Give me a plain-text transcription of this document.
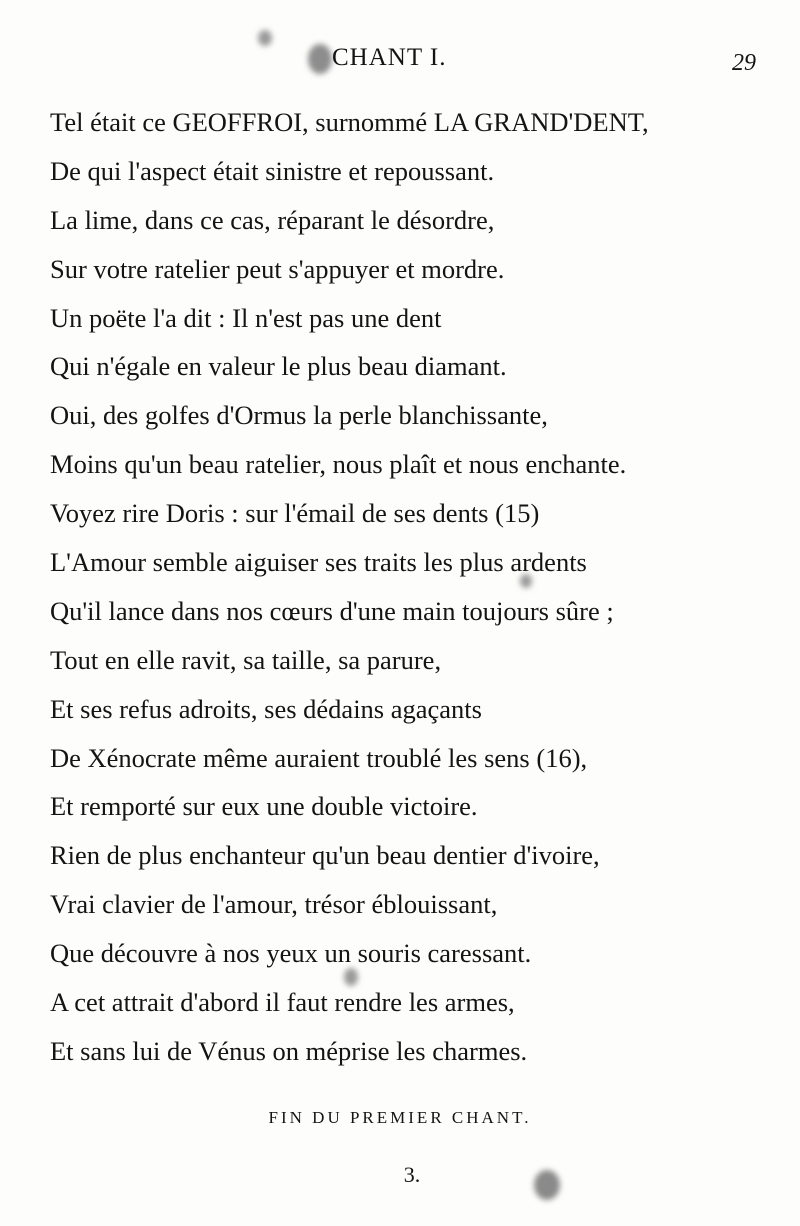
CHANT I.	29
Tel était ce GEOFFROI, surnommé LA GRAND'DENT,
De qui l'aspect était sinistre et repoussant.
La lime, dans ce cas, réparant le désordre,
Sur votre ratelier peut s'appuyer et mordre.
Un poëte l'a dit : Il n'est pas une dent
Qui n'égale en valeur le plus beau diamant.
Oui, des golfes d'Ormus la perle blanchissante,
Moins qu'un beau ratelier, nous plaît et nous enchante.
Voyez rire Doris : sur l'émail de ses dents (15)
L'Amour semble aiguiser ses traits les plus ardents
Qu'il lance dans nos cœurs d'une main toujours sûre ;
Tout en elle ravit, sa taille, sa parure,
Et ses refus adroits, ses dédains agaçants
De Xénocrate même auraient troublé les sens (16),
Et remporté sur eux une double victoire.
Rien de plus enchanteur qu'un beau dentier d'ivoire,
Vrai clavier de l'amour, trésor éblouissant,
Que découvre à nos yeux un souris caressant.
A cet attrait d'abord il faut rendre les armes,
Et sans lui de Vénus on méprise les charmes.
FIN DU PREMIER CHANT.
3.
